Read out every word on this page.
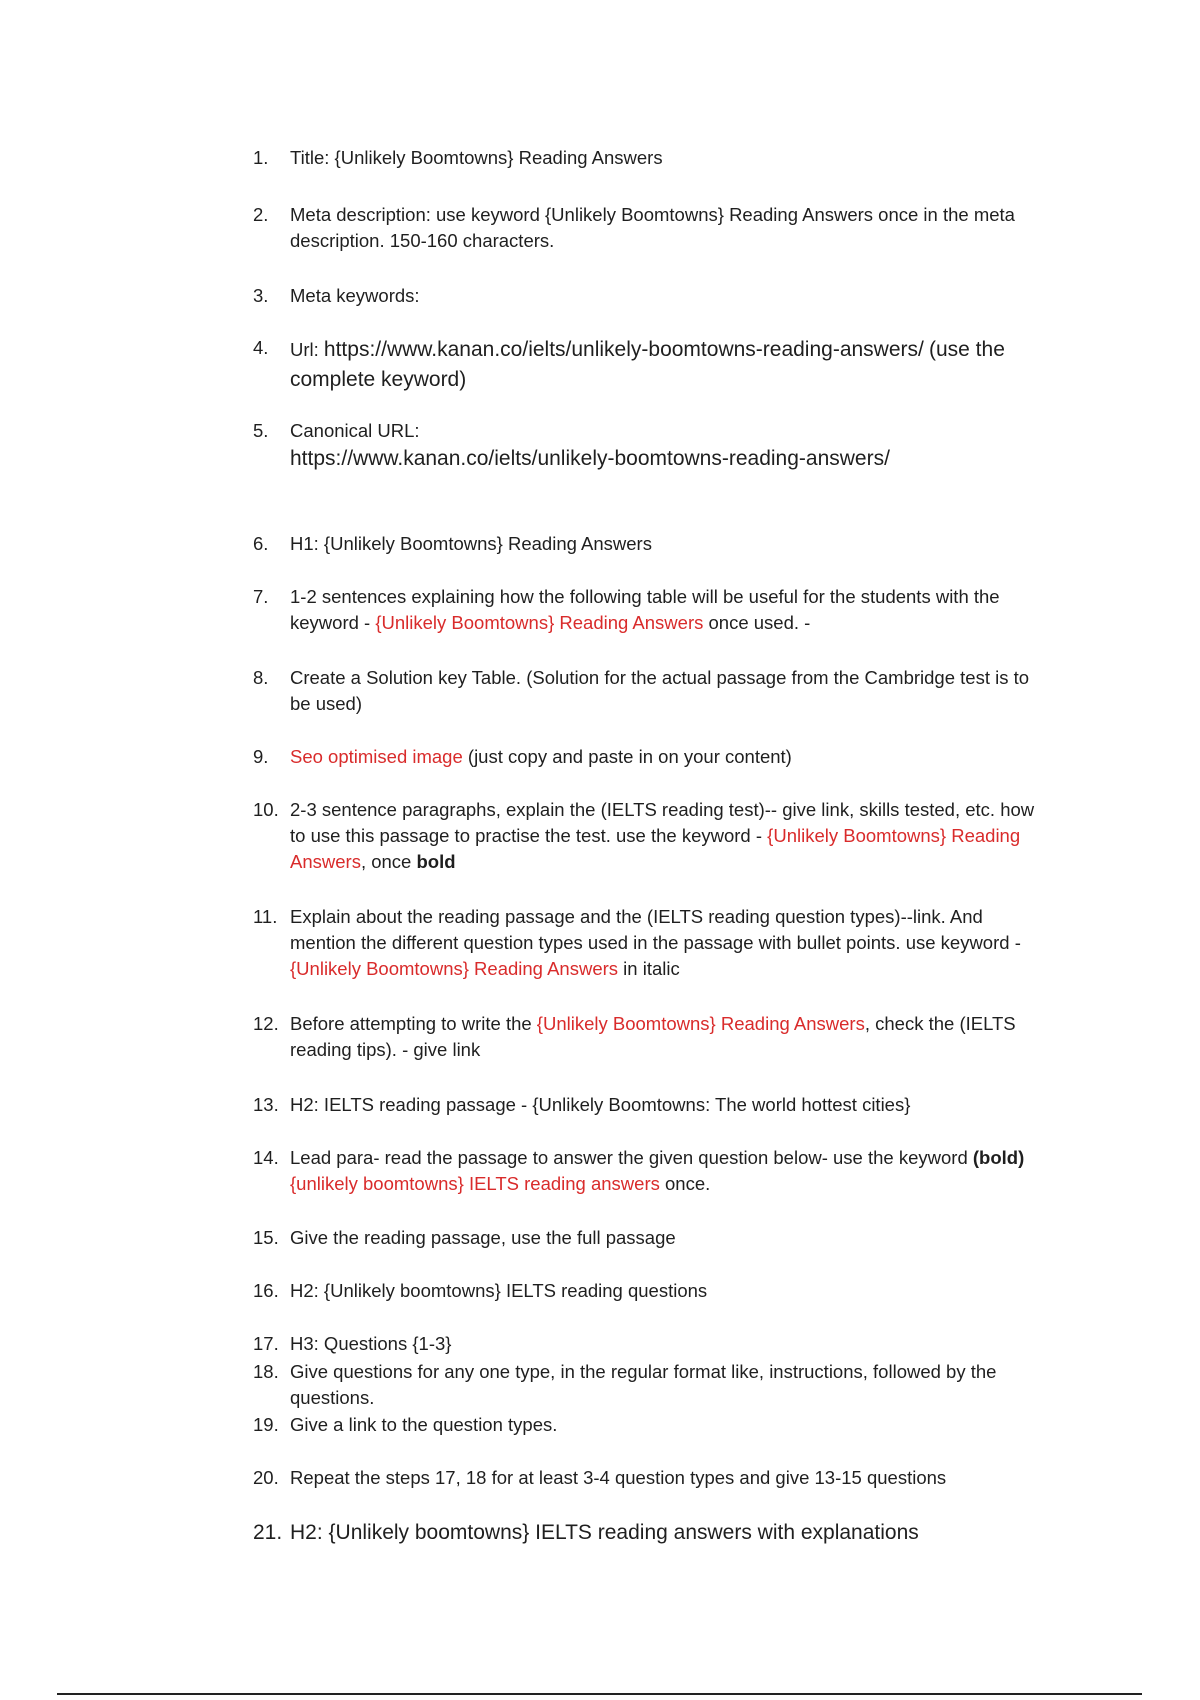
1. Title: {Unlikely Boomtowns} Reading Answers
2. Meta description: use keyword {Unlikely Boomtowns} Reading Answers once in the meta description. 150-160 characters.
3. Meta keywords:
4. Url: https://www.kanan.co/ielts/unlikely-boomtowns-reading-answers/ (use the complete keyword)
5. Canonical URL:
https://www.kanan.co/ielts/unlikely-boomtowns-reading-answers/
6. H1: {Unlikely Boomtowns} Reading Answers
7. 1-2 sentences explaining how the following table will be useful for the students with the keyword - {Unlikely Boomtowns} Reading Answers once used. -
8. Create a Solution key Table. (Solution for the actual passage from the Cambridge test is to be used)
9. Seo optimised image (just copy and paste in on your content)
10. 2-3 sentence paragraphs, explain the (IELTS reading test)-- give link, skills tested, etc. how to use this passage to practise the test. use the keyword - {Unlikely Boomtowns} Reading Answers, once bold
11. Explain about the reading passage and the (IELTS reading question types)--link. And mention the different question types used in the passage with bullet points. use keyword - {Unlikely Boomtowns} Reading Answers in italic
12. Before attempting to write the {Unlikely Boomtowns} Reading Answers, check the (IELTS reading tips). - give link
13. H2: IELTS reading passage - {Unlikely Boomtowns: The world hottest cities}
14. Lead para- read the passage to answer the given question below- use the keyword (bold) {unlikely boomtowns} IELTS reading answers once.
15. Give the reading passage, use the full passage
16. H2: {Unlikely boomtowns} IELTS reading questions
17. H3: Questions {1-3}
18. Give questions for any one type, in the regular format like, instructions, followed by the questions.
19. Give a link to the question types.
20. Repeat the steps 17, 18 for at least 3-4 question types and give 13-15 questions
21. H2: {Unlikely boomtowns} IELTS reading answers with explanations
